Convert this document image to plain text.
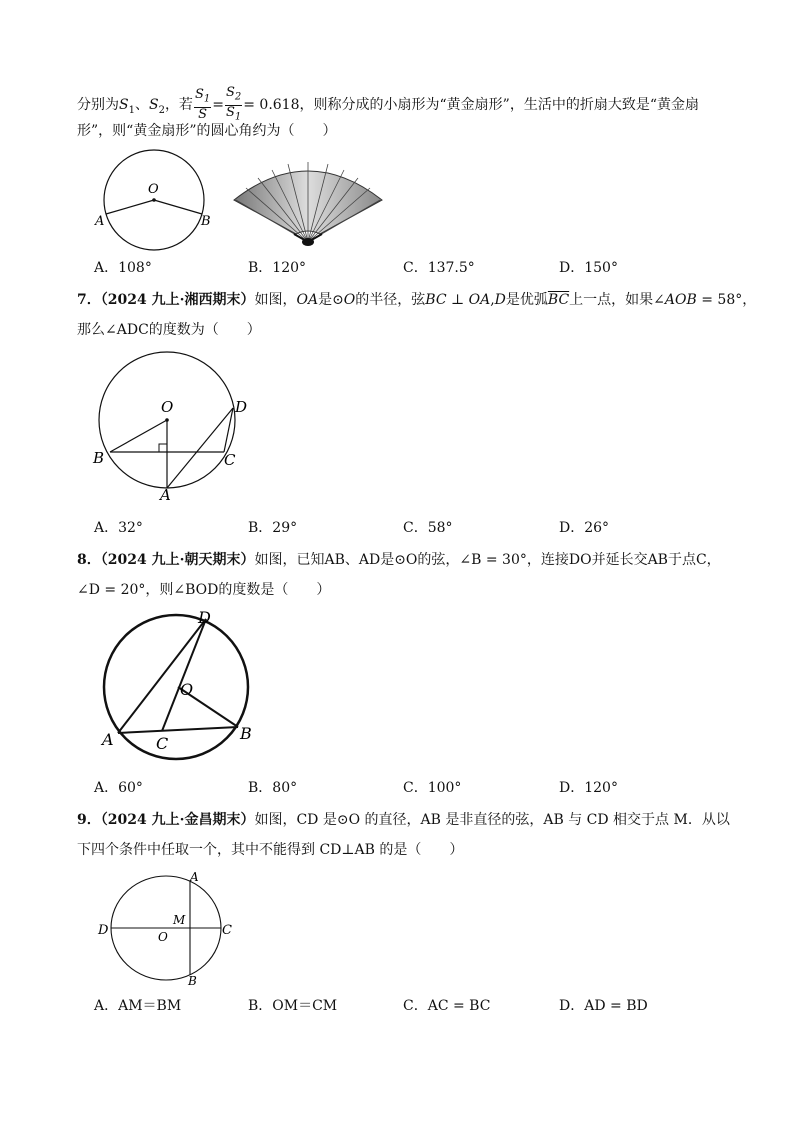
分别为$S_1$、$S_2$，若 $\frac{S_1}{S} = \frac{S_2}{S_1} = 0.618$，则称分成的小扇形为“黄金扇形”，生活中的折扇大致是“黄金扇
形”，则“黄金扇形”的圆心角约为（　　）
O
A	B
A．108°	B．120°	C．137.5°	D．150°
7．（2024 九上·湘西期末）如图，OA是⊙O的半径，弦BC ⊥ OA,D是优弧$\overline{BC}$上一点，如果∠AOB = 58°，
那么∠ADC的度数为（　　）
O	D
B	C
A
A．32°	B．29°	C．58°	D．26°
8．（2024 九上·朝天期末）如图，已知AB、AD是⊙O的弦，∠B = 30°，连接DO并延长交AB于点C，
∠D = 20°，则∠BOD的度数是（　　）
D
O
A	C
B
A．60°	B．80°	C．100°	D．120°
9．（2024 九上·金昌期末）如图，CD 是⊙O 的直径，AB 是非直径的弦，AB 与 CD 相交于点 M．从以
下四个条件中任取一个，其中不能得到 CD⊥AB 的是（　　）
A
D
M
O	C
B
A．AM＝BM	B．OM＝CM	C．AC = BC	D．AD = BD
